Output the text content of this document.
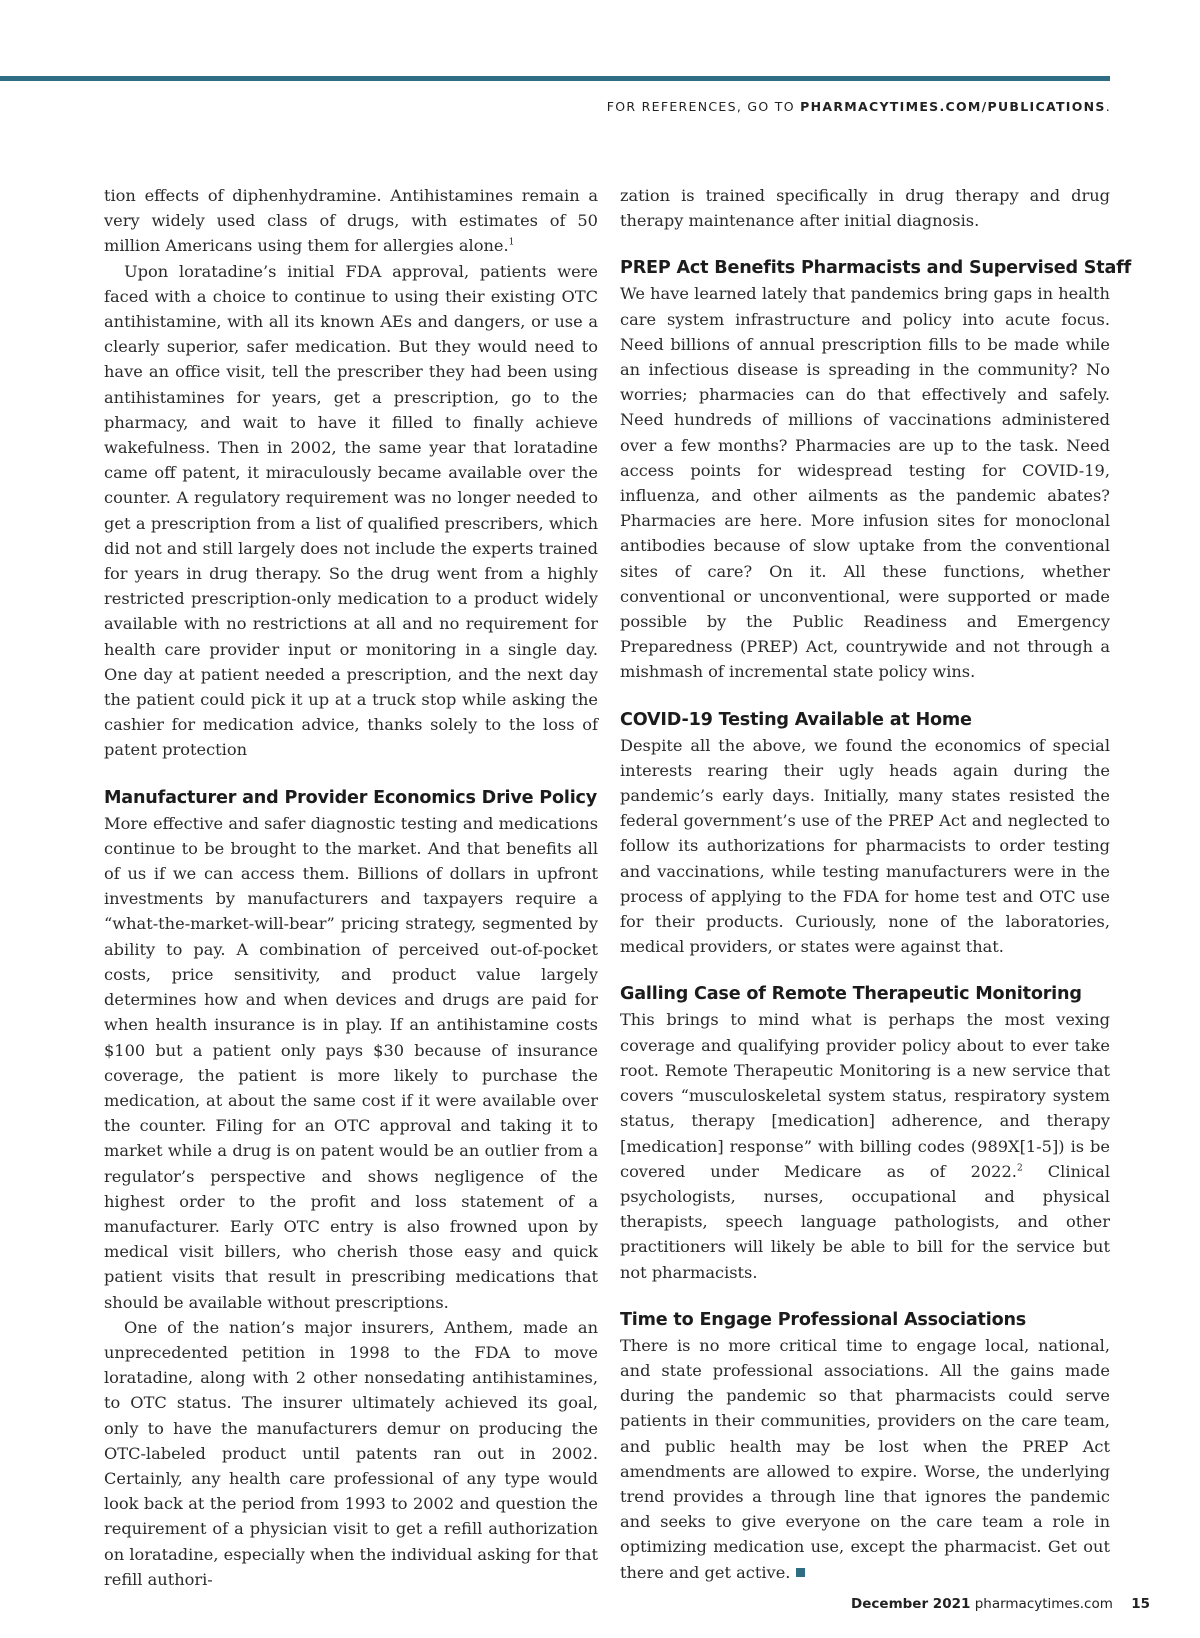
FOR REFERENCES, GO TO PHARMACYTIMES.COM/PUBLICATIONS.

tion effects of diphenhydramine. Antihistamines remain a very widely used class of drugs, with estimates of 50 million Americans using them for allergies alone.$^1$

Upon loratadine’s initial FDA approval, patients were faced with a choice to continue to using their existing OTC antihistamine, with all its known AEs and dangers, or use a clearly superior, safer medication. But they would need to have an office visit, tell the prescriber they had been using antihistamines for years, get a prescription, go to the pharmacy, and wait to have it filled to finally achieve wakefulness. Then in 2002, the same year that loratadine came off patent, it miraculously became available over the counter. A regulatory requirement was no longer needed to get a prescription from a list of qualified prescribers, which did not and still largely does not include the experts trained for years in drug therapy. So the drug went from a highly restricted prescription-only medication to a product widely available with no restrictions at all and no requirement for health care provider input or monitoring in a single day. One day at patient needed a prescription, and the next day the patient could pick it up at a truck stop while asking the cashier for medication advice, thanks solely to the loss of patent protection

Manufacturer and Provider Economics Drive Policy

More effective and safer diagnostic testing and medications continue to be brought to the market. And that benefits all of us if we can access them. Billions of dollars in upfront investments by manufacturers and taxpayers require a “what-the-market-will-bear” pricing strategy, segmented by ability to pay. A combination of perceived out-of-pocket costs, price sensitivity, and product value largely determines how and when devices and drugs are paid for when health insurance is in play. If an antihistamine costs $100 but a patient only pays $30 because of insurance coverage, the patient is more likely to purchase the medication, at about the same cost if it were available over the counter. Filing for an OTC approval and taking it to market while a drug is on patent would be an outlier from a regulator’s perspective and shows negligence of the highest order to the profit and loss statement of a manufacturer. Early OTC entry is also frowned upon by medical visit billers, who cherish those easy and quick patient visits that result in prescribing medications that should be available without prescriptions.

One of the nation’s major insurers, Anthem, made an unprecedented petition in 1998 to the FDA to move loratadine, along with 2 other nonsedating antihistamines, to OTC status. The insurer ultimately achieved its goal, only to have the manufacturers demur on producing the OTC-labeled product until patents ran out in 2002. Certainly, any health care professional of any type would look back at the period from 1993 to 2002 and question the requirement of a physician visit to get a refill authorization on loratadine, especially when the individual asking for that refill authori-

zation is trained specifically in drug therapy and drug therapy maintenance after initial diagnosis.

PREP Act Benefits Pharmacists and Supervised Staff

We have learned lately that pandemics bring gaps in health care system infrastructure and policy into acute focus. Need billions of annual prescription fills to be made while an infectious disease is spreading in the community? No worries; pharmacies can do that effectively and safely. Need hundreds of millions of vaccinations administered over a few months? Pharmacies are up to the task. Need access points for widespread testing for COVID-19, influenza, and other ailments as the pandemic abates? Pharmacies are here. More infusion sites for monoclonal antibodies because of slow uptake from the conventional sites of care? On it. All these functions, whether conventional or unconventional, were supported or made possible by the Public Readiness and Emergency Preparedness (PREP) Act, countrywide and not through a mishmash of incremental state policy wins.

COVID-19 Testing Available at Home

Despite all the above, we found the economics of special interests rearing their ugly heads again during the pandemic’s early days. Initially, many states resisted the federal government’s use of the PREP Act and neglected to follow its authorizations for pharmacists to order testing and vaccinations, while testing manufacturers were in the process of applying to the FDA for home test and OTC use for their products. Curiously, none of the laboratories, medical providers, or states were against that.

Galling Case of Remote Therapeutic Monitoring

This brings to mind what is perhaps the most vexing coverage and qualifying provider policy about to ever take root. Remote Therapeutic Monitoring is a new service that covers “musculoskeletal system status, respiratory system status, therapy [medication] adherence, and therapy [medication] response” with billing codes (989X[1-5]) is be covered under Medicare as of 2022.$^2$ Clinical psychologists, nurses, occupational and physical therapists, speech language pathologists, and other practitioners will likely be able to bill for the service but not pharmacists.

Time to Engage Professional Associations

There is no more critical time to engage local, national, and state professional associations. All the gains made during the pandemic so that pharmacists could serve patients in their communities, providers on the care team, and public health may be lost when the PREP Act amendments are allowed to expire. Worse, the underlying trend provides a through line that ignores the pandemic and seeks to give everyone on the care team a role in optimizing medication use, except the pharmacist. Get out there and get active.

December 2021 pharmacytimes.com 15
